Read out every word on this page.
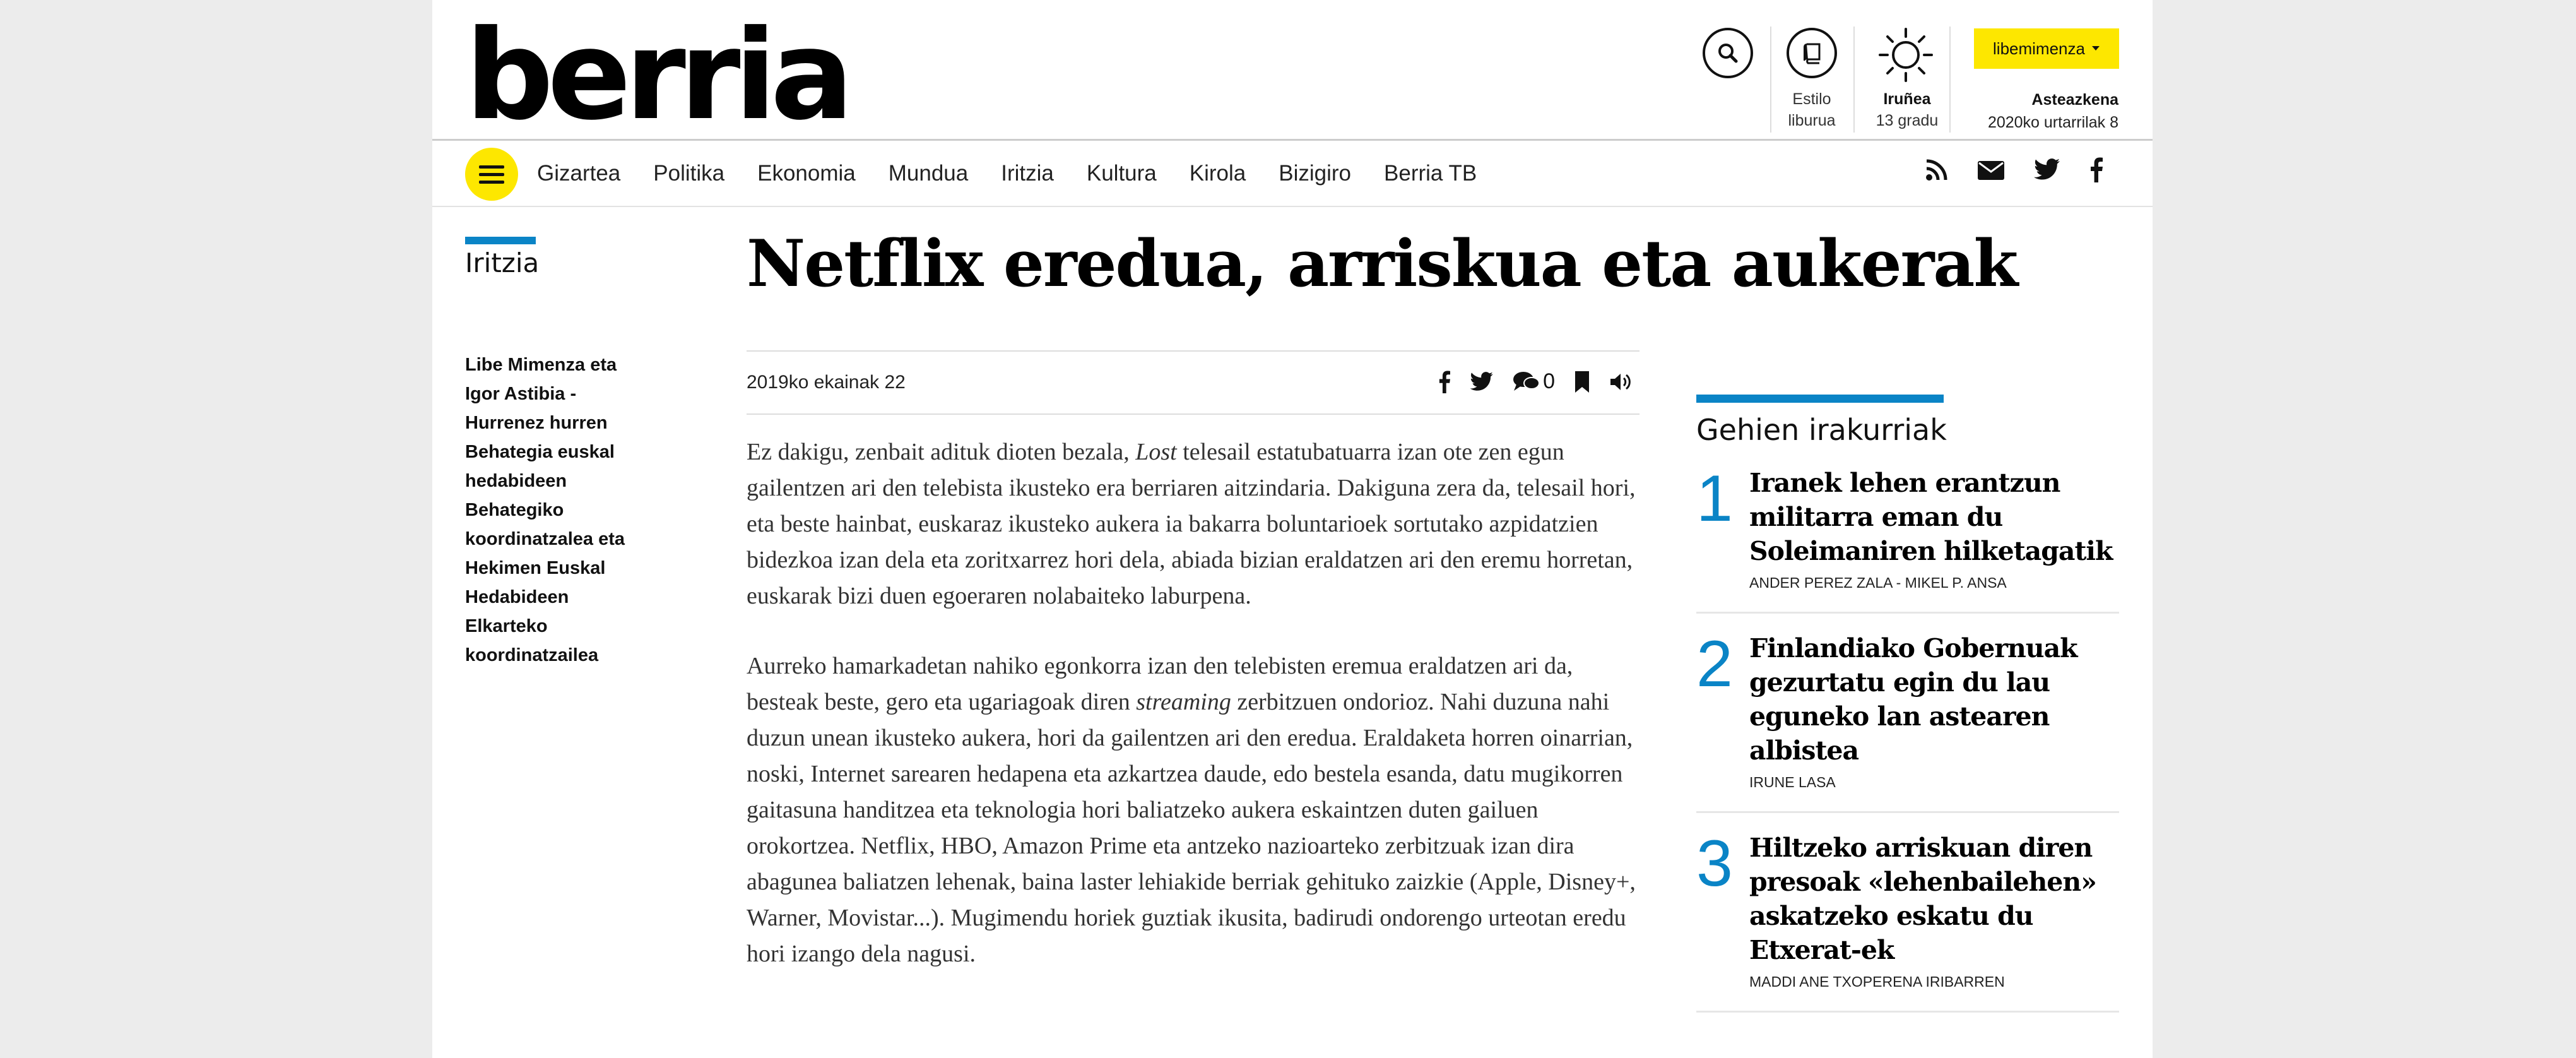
berria	Estilo
liburua
Iruñea
13 gradu
libemimenza
Asteazkena
2020ko urtarrilak 8
Gizartea Politika Ekonomia Mundua Iritzia Kultura Kirola Bizigiro Berria TB
Iritzia
Libe Mimenza eta Igor Astibia - Hurrenez hurren Behategia euskal hedabideen Behategiko koordinatzalea eta Hekimen Euskal Hedabideen Elkarteko koordinatzailea
Netflix eredua, arriskua eta aukerak
2019ko ekainak 22	0

Ez dakigu, zenbait adituk dioten bezala, Lost telesail estatubatuarra izan ote zen egun gailentzen ari den telebista ikusteko era berriaren aitzindaria. Dakiguna zera da, telesail hori, eta beste hainbat, euskaraz ikusteko aukera ia bakarra boluntarioek sortutako azpidatzien bidezkoa izan dela eta zoritxarrez hori dela, abiada bizian eraldatzen ari den eremu horretan, euskarak bizi duen egoeraren nolabaiteko laburpena.

Aurreko hamarkadetan nahiko egonkorra izan den telebisten eremua eraldatzen ari da, besteak beste, gero eta ugariagoak diren streaming zerbitzuen ondorioz. Nahi duzuna nahi duzun unean ikusteko aukera, hori da gailentzen ari den eredua. Eraldaketa horren oinarrian, noski, Internet sarearen hedapena eta azkartzea daude, edo bestela esanda, datu mugikorren gaitasuna handitzea eta teknologia hori baliatzeko aukera eskaintzen duten gailuen orokortzea. Netflix, HBO, Amazon Prime eta antzeko nazioarteko zerbitzuak izan dira abagunea baliatzen lehenak, baina laster lehiakide berriak gehituko zaizkie (Apple, Disney+, Warner, Movistar...). Mugimendu horiek guztiak ikusita, badirudi ondorengo urteotan eredu hori izango dela nagusi.

Gehien irakurriak
1 Iranek lehen erantzun militarra eman du Soleimaniren hilketagatik
ANDER PEREZ ZALA - MIKEL P. ANSA
2 Finlandiako Gobernuak gezurtatu egin du lau eguneko lan astearen albistea
IRUNE LASA
3 Hiltzeko arriskuan diren presoak «lehenbailehen» askatzeko eskatu du Etxerat-ek
MADDI ANE TXOPERENA IRIBARREN
